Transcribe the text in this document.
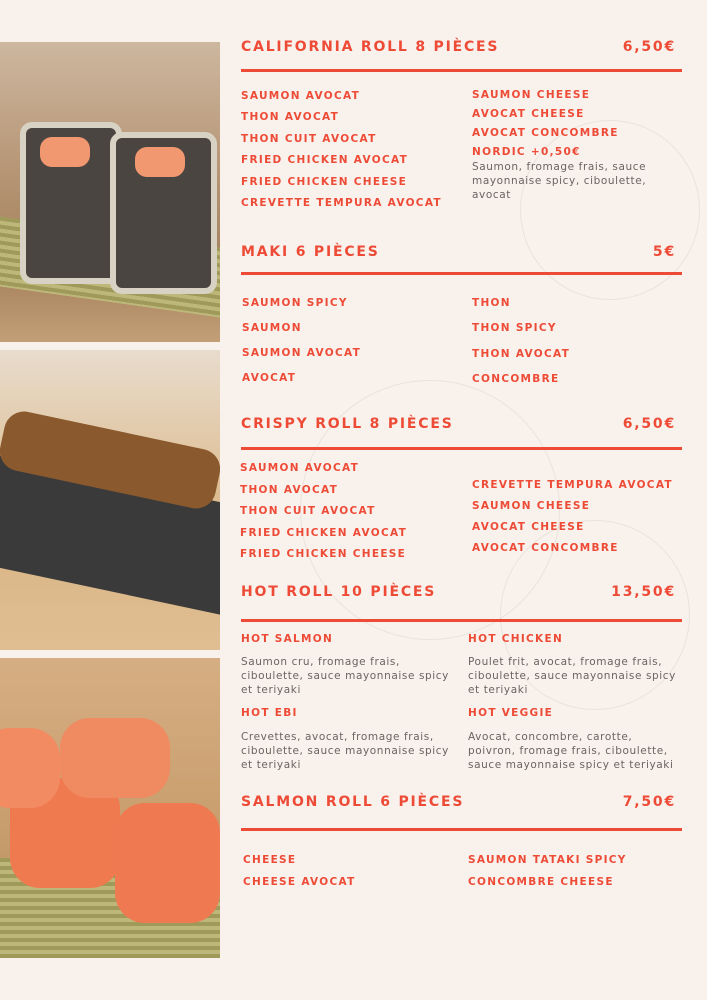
CALIFORNIA ROLL 8 PIÈCES	6,50€
SAUMON AVOCAT
THON AVOCAT
THON CUIT AVOCAT
FRIED CHICKEN AVOCAT
FRIED CHICKEN CHEESE
CREVETTE TEMPURA AVOCAT
SAUMON CHEESE
AVOCAT CHEESE
AVOCAT CONCOMBRE
NORDIC +0,50€
Saumon, fromage frais, sauce mayonnaise spicy, ciboulette, avocat
MAKI 6 PIÈCES	5€
SAUMON SPICY
SAUMON
SAUMON AVOCAT
AVOCAT
THON
THON SPICY
THON AVOCAT
CONCOMBRE
CRISPY ROLL 8 PIÈCES	6,50€
SAUMON AVOCAT
THON AVOCAT
THON CUIT AVOCAT
FRIED CHICKEN AVOCAT
FRIED CHICKEN CHEESE
CREVETTE TEMPURA AVOCAT
SAUMON CHEESE
AVOCAT CHEESE
AVOCAT CONCOMBRE
HOT ROLL 10 PIÈCES	13,50€
HOT SALMON
Saumon cru, fromage frais, ciboulette, sauce mayonnaise spicy et teriyaki
HOT CHICKEN
Poulet frit, avocat, fromage frais, ciboulette, sauce mayonnaise spicy et teriyaki
HOT EBI
Crevettes, avocat, fromage frais, ciboulette, sauce mayonnaise spicy et teriyaki
HOT VEGGIE
Avocat, concombre, carotte, poivron, fromage frais, ciboulette, sauce mayonnaise spicy et teriyaki
SALMON ROLL 6 PIÈCES	7,50€
CHEESE
CHEESE AVOCAT
SAUMON TATAKI SPICY
CONCOMBRE CHEESE
